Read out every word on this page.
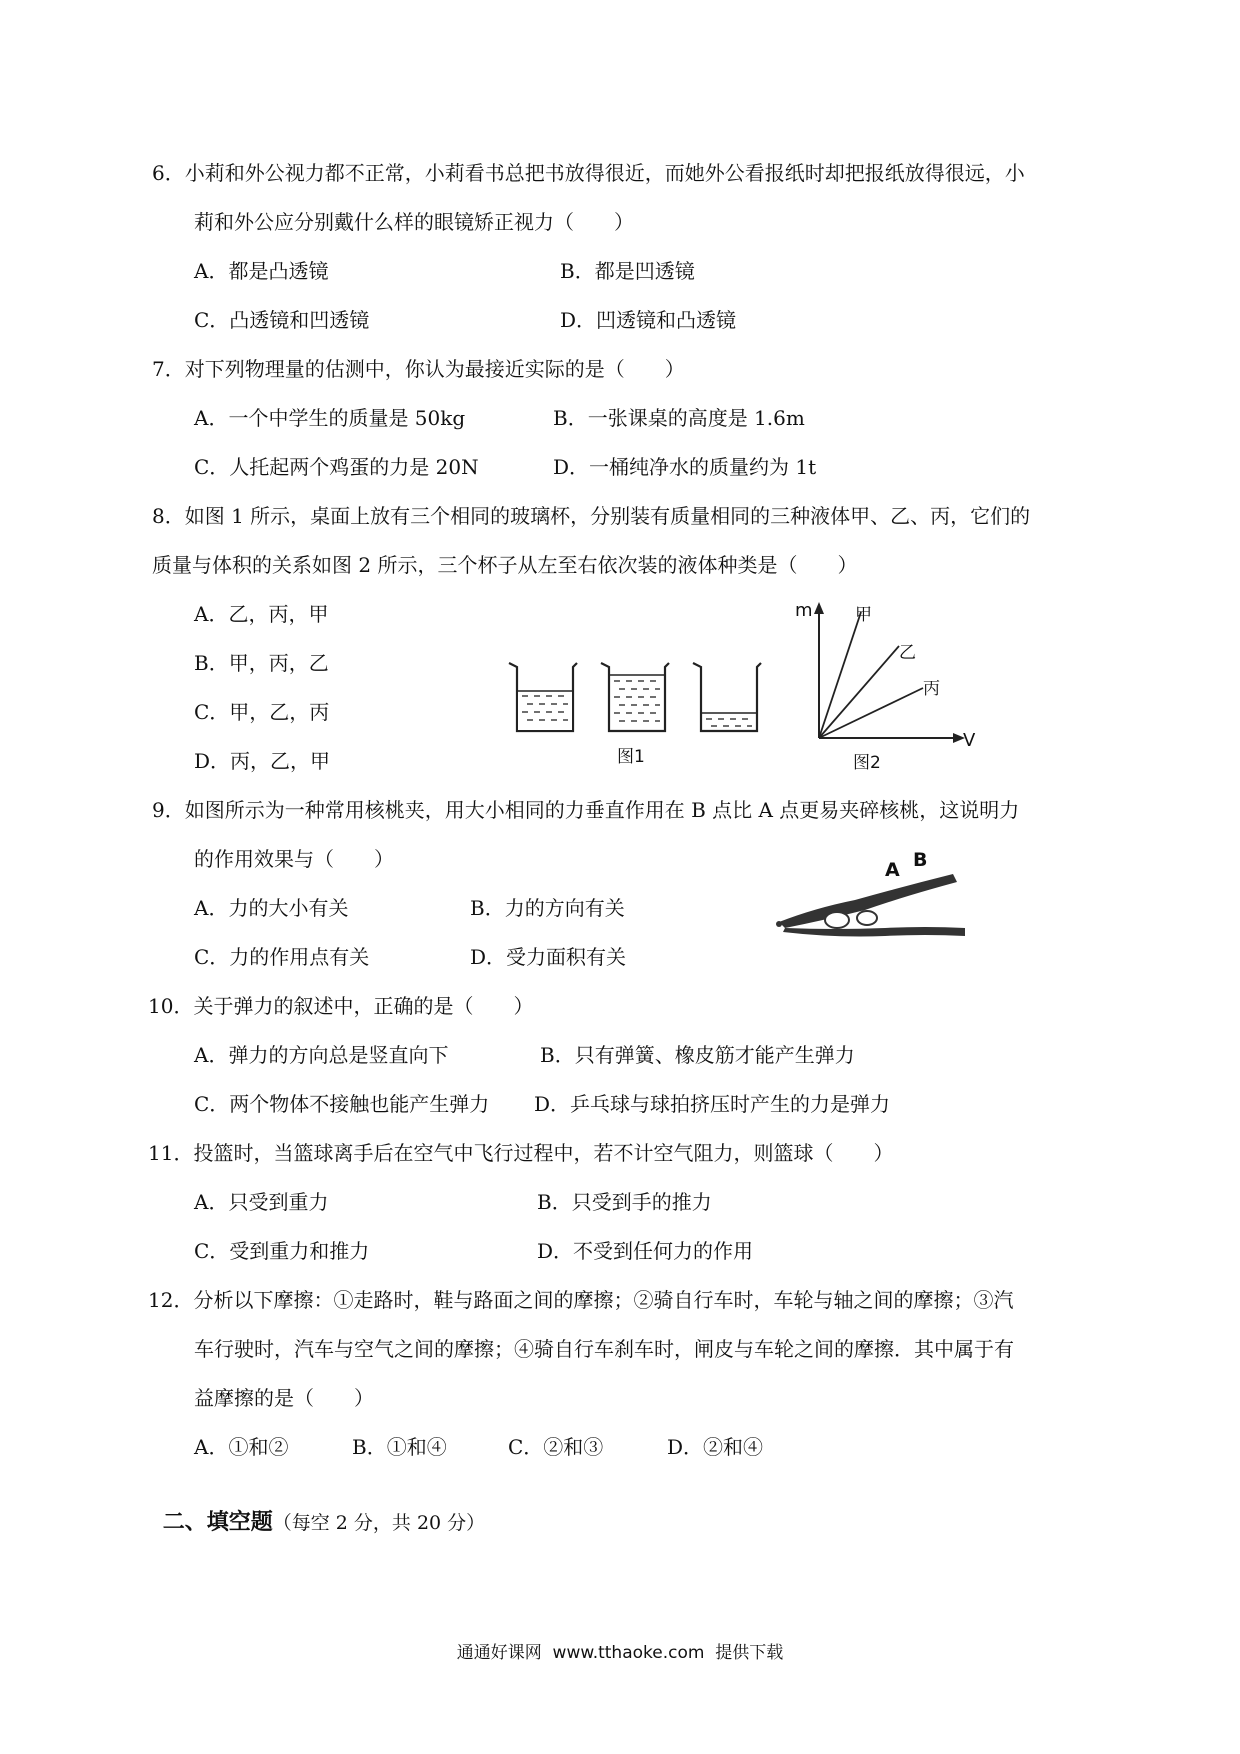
6．小莉和外公视力都不正常，小莉看书总把书放得很近，而她外公看报纸时却把报纸放得很远，小
莉和外公应分别戴什么样的眼镜矫正视力（　　）
A．都是凸透镜	B．都是凹透镜
C．凸透镜和凹透镜	D．凹透镜和凸透镜
7．对下列物理量的估测中，你认为最接近实际的是（　　）
A．一个中学生的质量是 50kg	B．一张课桌的高度是 1.6m
C．人托起两个鸡蛋的力是 20N	D．一桶纯净水的质量约为 1t
8．如图 1 所示，桌面上放有三个相同的玻璃杯，分别装有质量相同的三种液体甲、乙、丙，它们的
质量与体积的关系如图 2 所示，三个杯子从左至右依次装的液体种类是（　　）
A．乙，丙，甲
B．甲，丙，乙
C．甲，乙，丙
D．丙，乙，甲	图1
m
V
甲
乙
丙
图2
9．如图所示为一种常用核桃夹，用大小相同的力垂直作用在 B 点比 A 点更易夹碎核桃，这说明力
的作用效果与（　　）
A．力的大小有关	B．力的方向有关
C．力的作用点有关	D．受力面积有关
A B
10．关于弹力的叙述中，正确的是（　　）
A．弹力的方向总是竖直向下	B．只有弹簧、橡皮筋才能产生弹力
C．两个物体不接触也能产生弹力 D．乒乓球与球拍挤压时产生的力是弹力
11．投篮时，当篮球离手后在空气中飞行过程中，若不计空气阻力，则篮球（　　）
A．只受到重力	B．只受到手的推力
C．受到重力和推力	D．不受到任何力的作用
12．分析以下摩擦：①走路时，鞋与路面之间的摩擦；②骑自行车时，车轮与轴之间的摩擦；③汽
车行驶时，汽车与空气之间的摩擦；④骑自行车刹车时，闸皮与车轮之间的摩擦．其中属于有
益摩擦的是（　　）
A．①和②	B．①和④	C．②和③	D．②和④

二、填空题（每空 2 分，共 20 分）

通通好课网  www.tthaoke.com  提供下载
